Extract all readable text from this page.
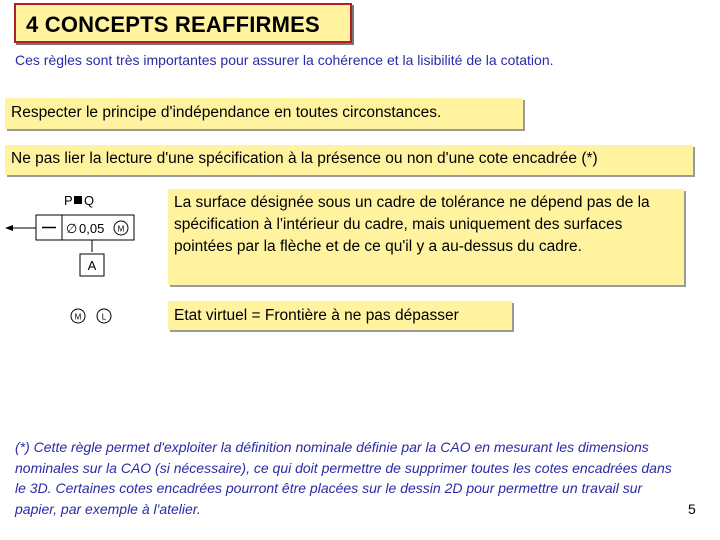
4 CONCEPTS REAFFIRMES
Ces règles sont très importantes pour assurer la cohérence et la lisibilité de la cotation.
Respecter le principe d'indépendance en toutes circonstances.
Ne pas lier la lecture d'une spécification à la présence ou non d'une cote encadrée (*)
P Q
∅ 0,05 M
A
M	L
La surface désignée sous un cadre de tolérance ne dépend pas de la spécification à l'intérieur du cadre, mais uniquement des surfaces pointées par la flèche et de ce qu'il y a au-dessus du cadre.
Etat virtuel = Frontière à ne pas dépasser
(*) Cette règle permet d'exploiter la définition nominale définie par la CAO en mesurant les dimensions nominales sur la CAO (si nécessaire), ce qui doit permettre de supprimer toutes les cotes encadrées dans le 3D. Certaines cotes encadrées pourront être placées sur le dessin 2D pour permettre un travail sur papier, par exemple à l'atelier.	5
